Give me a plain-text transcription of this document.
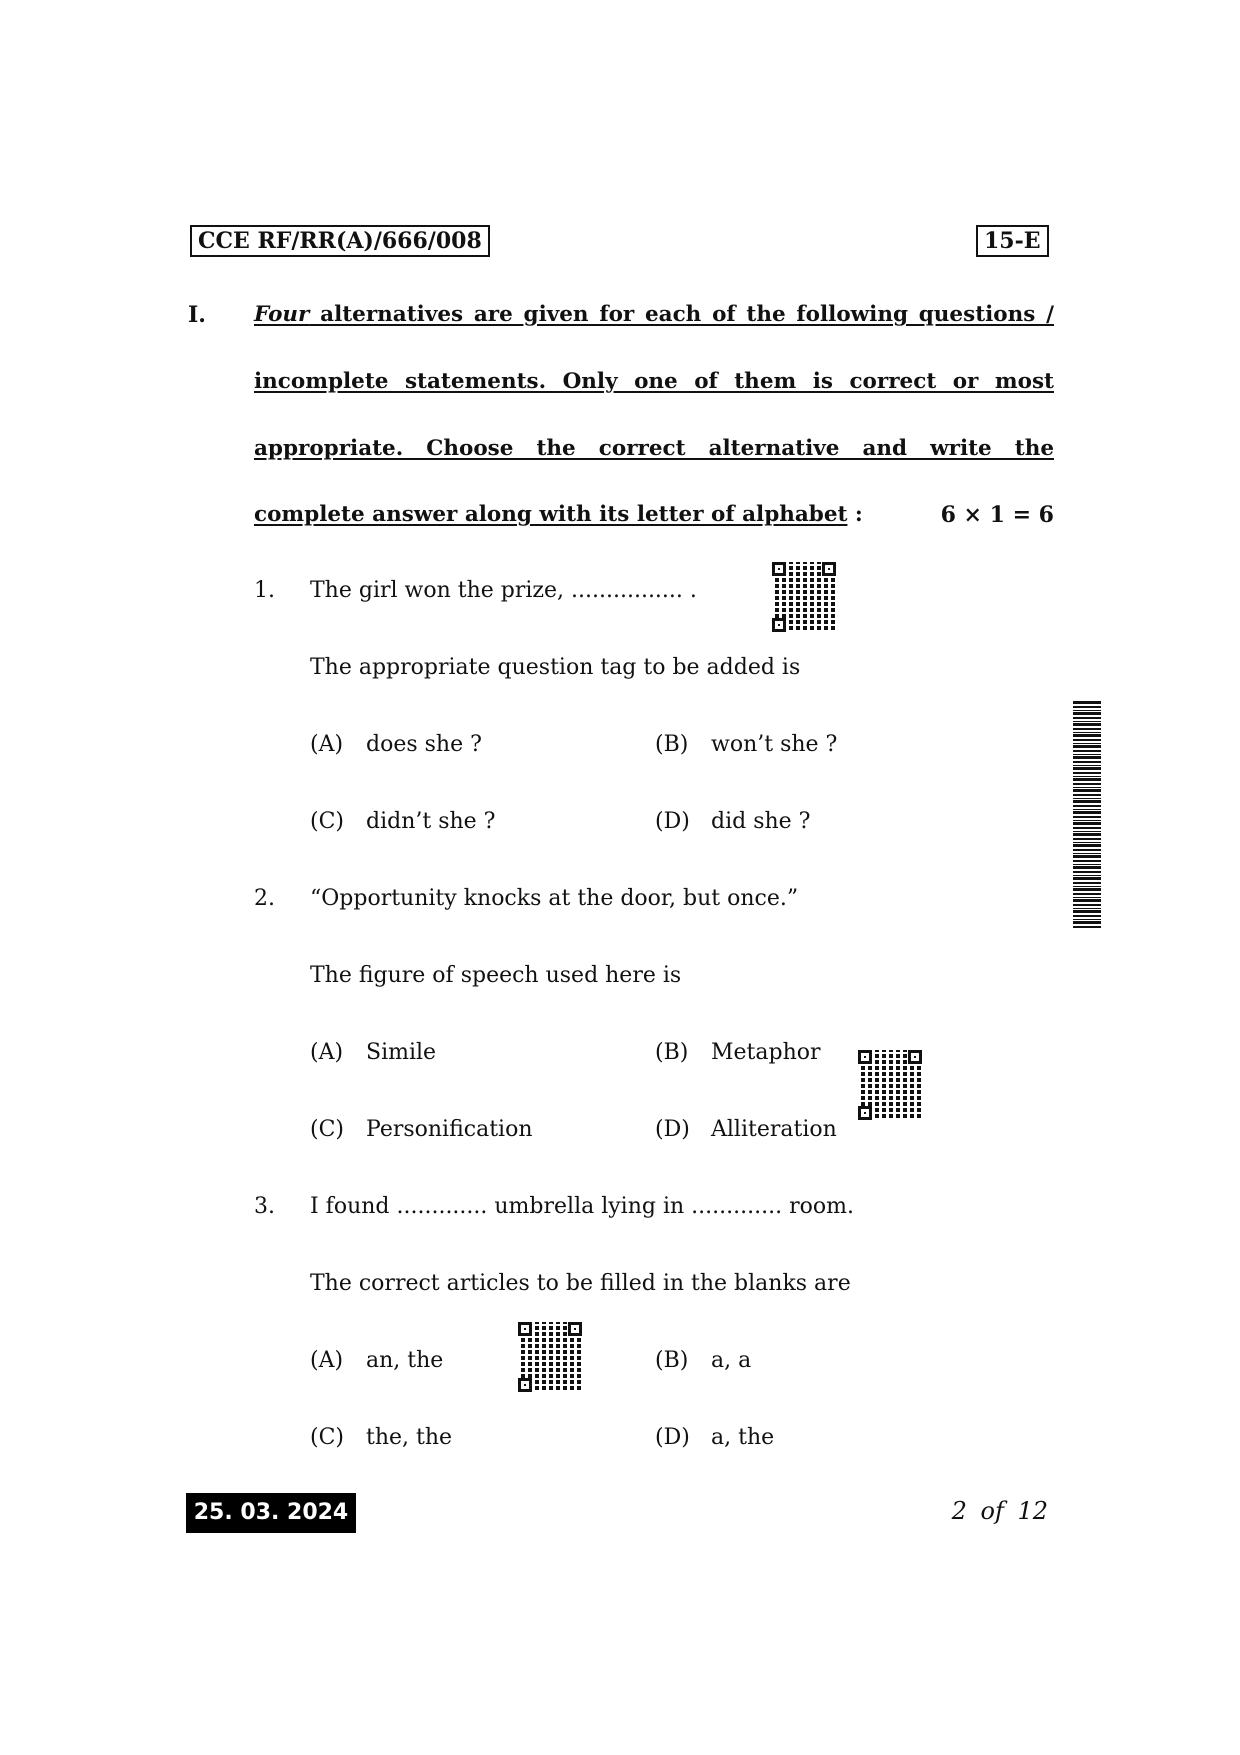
CCE RF/RR(A)/666/008	15-E
I. Four alternatives are given for each of the following questions /
incomplete statements. Only one of them is correct or most
appropriate. Choose the correct alternative and write the
complete answer along with its letter of alphabet :	6 × 1 = 6
1. The girl won the prize, ................ .
The appropriate question tag to be added is
(A) does she ?	(B) won’t she ?
(C) didn’t she ?	(D) did she ?
2. “Opportunity knocks at the door, but once.”
The figure of speech used here is
(A) Simile	(B) Metaphor
(C) Personification	(D) Alliteration
3. I found ............. umbrella lying in ............. room.
The correct articles to be filled in the blanks are
(A) an, the	(B) a, a
(C) the, the	(D) a, the
25. 03. 2024	2 of 12
